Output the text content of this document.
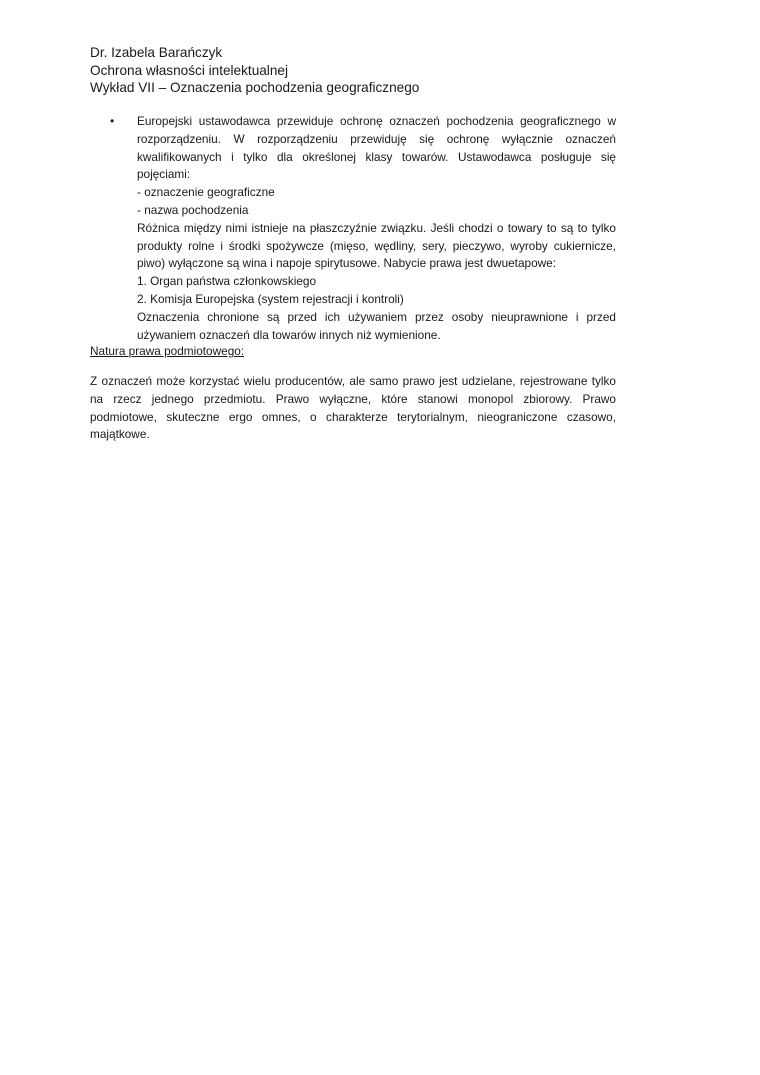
Dr. Izabela Barańczyk
Ochrona własności intelektualnej
Wykład VII – Oznaczenia pochodzenia geograficznego
• Europejski ustawodawca przewiduje ochronę oznaczeń pochodzenia geograficznego w rozporządzeniu. W rozporządzeniu przewiduję się ochronę wyłącznie oznaczeń kwalifikowanych i tylko dla określonej klasy towarów. Ustawodawca posługuje się pojęciami:

- oznaczenie geograficzne

- nazwa pochodzenia

Różnica między nimi istnieje na płaszczyźnie związku. Jeśli chodzi o towary to są to tylko produkty rolne i środki spożywcze (mięso, wędliny, sery, pieczywo, wyroby cukiernicze, piwo) wyłączone są wina i napoje spirytusowe. Nabycie prawa jest dwuetapowe:

1. Organ państwa członkowskiego

2. Komisja Europejska (system rejestracji i kontroli)

Oznaczenia chronione są przed ich używaniem przez osoby nieuprawnione i przed używaniem oznaczeń dla towarów innych niż wymienione.

Natura prawa podmiotowego:
Z oznaczeń może korzystać wielu producentów, ale samo prawo jest udzielane, rejestrowane tylko na rzecz jednego przedmiotu. Prawo wyłączne, które stanowi monopol zbiorowy. Prawo podmiotowe, skuteczne ergo omnes, o charakterze terytorialnym, nieograniczone czasowo, majątkowe.
